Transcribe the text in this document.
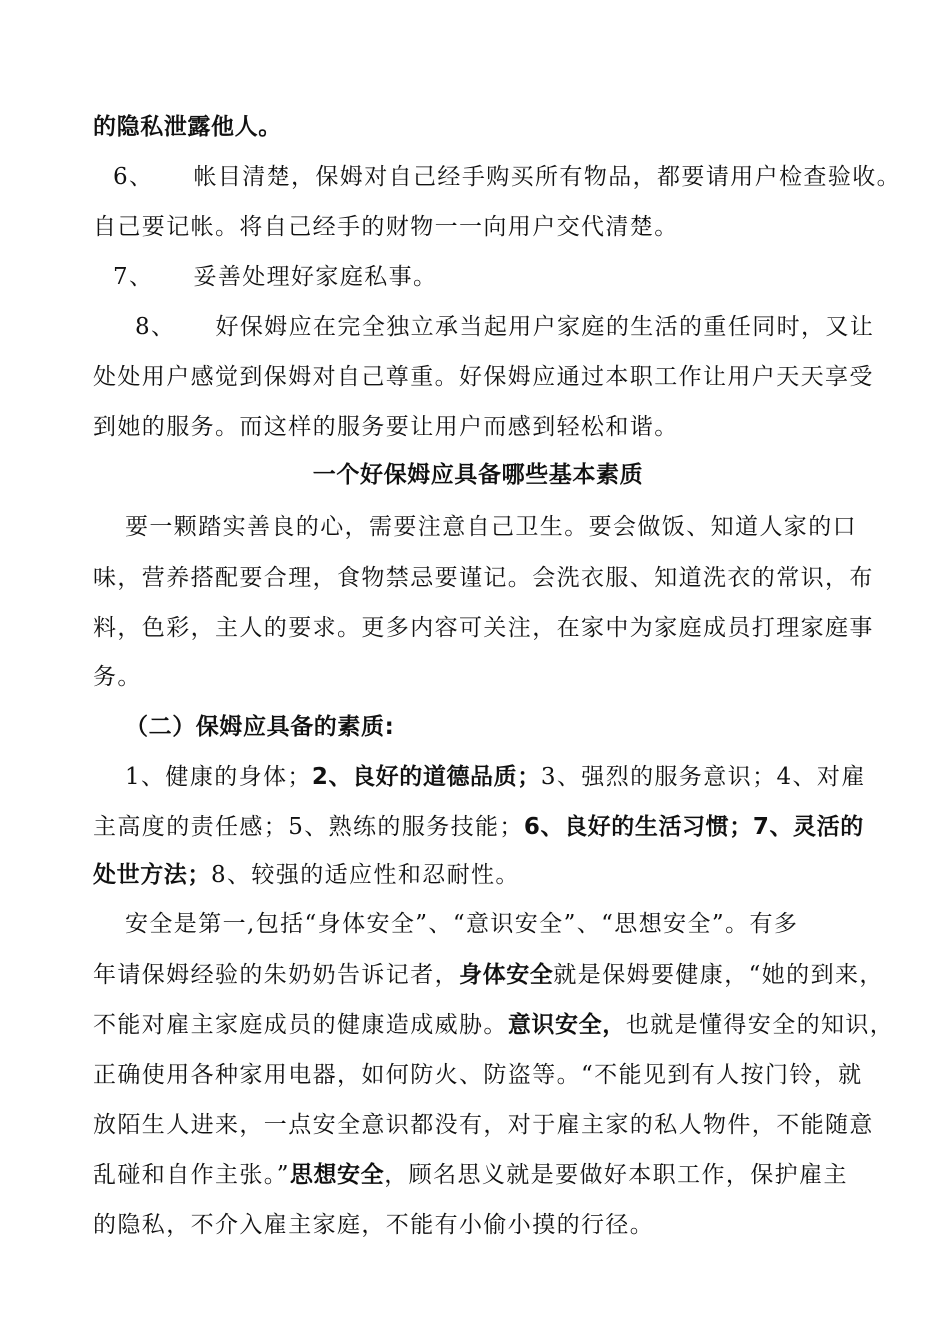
的隐私泄露他人。
6、 帐目清楚，保姆对自己经手购买所有物品，都要请用户检查验收。
自己要记帐。将自己经手的财物一一向用户交代清楚。
7、 妥善处理好家庭私事。
8、 好保姆应在完全独立承当起用户家庭的生活的重任同时，又让
处处用户感觉到保姆对自己尊重。好保姆应通过本职工作让用户天天享受
到她的服务。而这样的服务要让用户而感到轻松和谐。
一个好保姆应具备哪些基本素质
要一颗踏实善良的心，需要注意自己卫生。要会做饭、知道人家的口
味，营养搭配要合理，食物禁忌要谨记。会洗衣服、知道洗衣的常识，布
料，色彩，主人的要求。更多内容可关注，在家中为家庭成员打理家庭事
务。
（二）保姆应具备的素质:
1、健康的身体；2、良好的道德品质；3、强烈的服务意识；4、对雇
主高度的责任感；5、熟练的服务技能；6、良好的生活习惯；7、灵活的
处世方法；8、较强的适应性和忍耐性。
安全是第一,包括“身体安全”、“意识安全”、“思想安全”。有多
年请保姆经验的朱奶奶告诉记者，身体安全就是保姆要健康，“她的到来，
不能对雇主家庭成员的健康造成威胁。意识安全，也就是懂得安全的知识，
正确使用各种家用电器，如何防火、防盗等。“不能见到有人按门铃，就
放陌生人进来，一点安全意识都没有，对于雇主家的私人物件，不能随意
乱碰和自作主张。”思想安全，顾名思义就是要做好本职工作，保护雇主
的隐私，不介入雇主家庭，不能有小偷小摸的行径。
